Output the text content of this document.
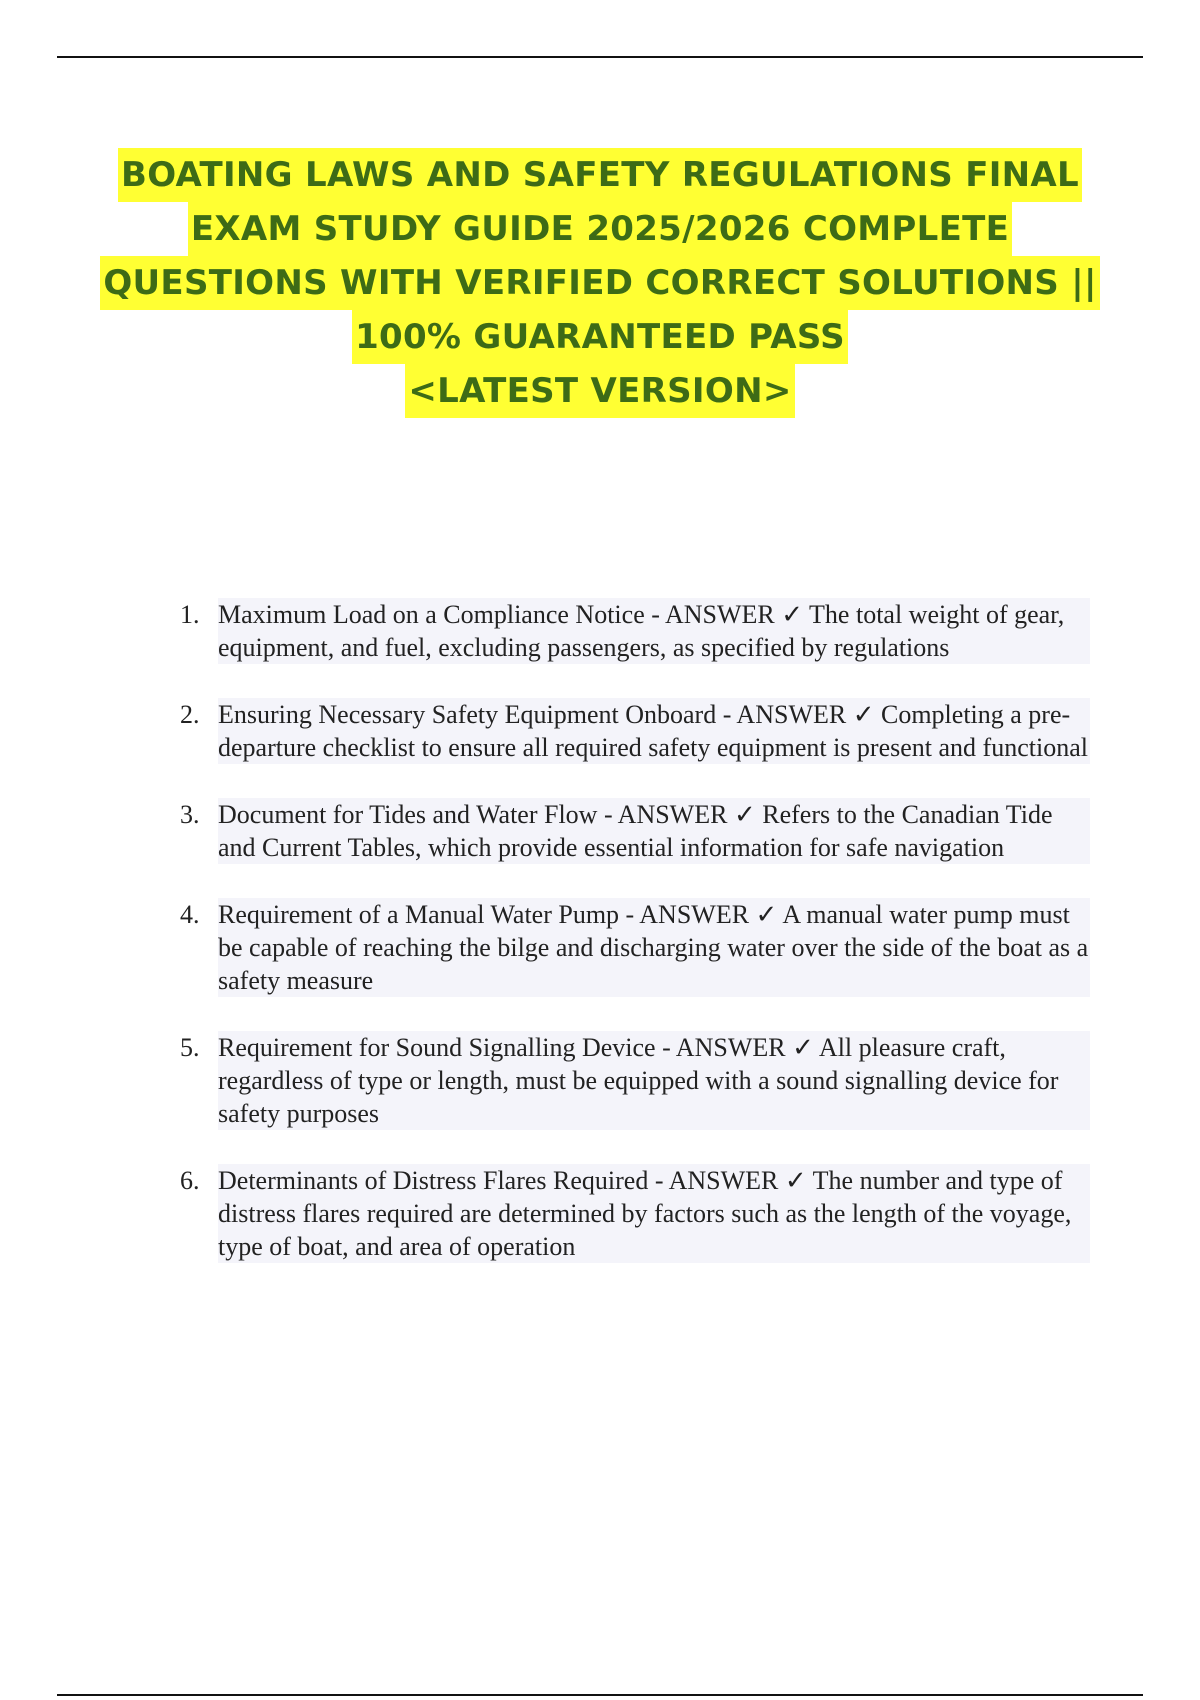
BOATING LAWS AND SAFETY REGULATIONS FINAL
EXAM STUDY GUIDE 2025/2026 COMPLETE
QUESTIONS WITH VERIFIED CORRECT SOLUTIONS ||
100% GUARANTEED PASS
<LATEST VERSION>
1. Maximum Load on a Compliance Notice - ANSWER ✓ The total weight of gear, equipment, and fuel, excluding passengers, as specified by regulations
2. Ensuring Necessary Safety Equipment Onboard - ANSWER ✓ Completing a pre-departure checklist to ensure all required safety equipment is present and functional
3. Document for Tides and Water Flow - ANSWER ✓ Refers to the Canadian Tide and Current Tables, which provide essential information for safe navigation
4. Requirement of a Manual Water Pump - ANSWER ✓ A manual water pump must be capable of reaching the bilge and discharging water over the side of the boat as a safety measure
5. Requirement for Sound Signalling Device - ANSWER ✓ All pleasure craft, regardless of type or length, must be equipped with a sound signalling device for safety purposes
6. Determinants of Distress Flares Required - ANSWER ✓ The number and type of distress flares required are determined by factors such as the length of the voyage, type of boat, and area of operation
